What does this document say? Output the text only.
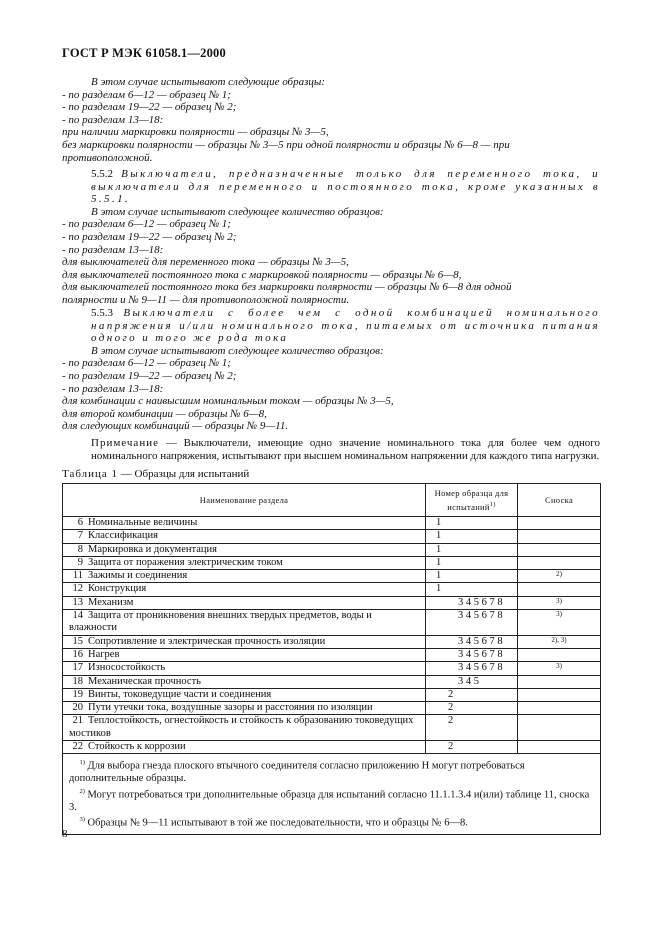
ГОСТ Р МЭК 61058.1—2000

В этом случае испытывают следующие образцы:

- по разделам 6—12 — образец № 1;

- по разделам 19—22 — образец № 2;

- по разделам 13—18:

при наличии маркировки полярности — образцы № 3—5,

без маркировки полярности — образцы № 3—5 при одной полярности и образцы № 6—8 — при

противоположной.

5.5.2 Выключатели, предназначенные только для переменного тока, и выключатели для переменного и постоянного тока, кроме указанных в 5.5.1.

В этом случае испытывают следующее количество образцов:

- по разделам 6—12 — образец № 1;

- по разделам 19—22 — образец № 2;

- по разделам 13—18:

для выключателей для переменного тока — образцы № 3—5,

для выключателей постоянного тока с маркировкой полярности — образцы № 6—8,

для выключателей постоянного тока без маркировки полярности — образцы № 6—8 для одной

полярности и № 9—11 — для противоположной полярности.

5.5.3 Выключатели с более чем с одной комбинацией номинального напряжения и/или номинального тока, питаемых от источника питания одного и того же рода тока

В этом случае испытывают следующее количество образцов:

- по разделам 6—12 — образец № 1;

- по разделам 19—22 — образец № 2;

- по разделам 13—18:

для комбинации с наивысшим номинальным током — образцы № 3—5,

для второй комбинации — образцы № 6—8,

для следующих комбинаций — образцы № 9—11.

Примечание — Выключатели, имеющие одно значение номинального тока для более чем одного номинального напряжения, испытывают при высшем номинальном напряжении для каждого типа нагрузки.

Таблица 1 — Образцы для испытаний
Наименование раздела	Номер образца для испытаний$^{1)}$	Сноска
6 Номинальные величины	1	
7 Классификация	1	
8 Маркировка и документация	1	
9 Защита от поражения электрическим током	1	
11 Зажимы и соединения	1	2)
12 Конструкция	1	
13 Механизм	3 4 5 6 7 8	3)
14 Защита от проникновения внешних твердых предметов, воды и влажности	3 4 5 6 7 8	3)
15 Сопротивление и электрическая прочность изоляции	3 4 5 6 7 8	2), 3)
16 Нагрев	3 4 5 6 7 8	
17 Износостойкость	3 4 5 6 7 8	3)
18 Механическая прочность	3 4 5	
19 Винты, токоведущие части и соединения	2	
20 Пути утечки тока, воздушные зазоры и расстояния по изоляции	2	
21 Теплостойкость, огнестойкость и стойкость к образованию токоведущих мостиков	2	
22 Стойкость к коррозии	2	

$^{1)}$ Для выбора гнезда плоского втычного соединителя согласно приложению Н могут потребоваться дополнительные образцы.

$^{2)}$ Могут потребоваться три дополнительные образца для испытаний согласно 11.1.1.3.4 и(или) таблице 11, сноска 3.

$^{3)}$ Образцы № 9—11 испытывают в той же последовательности, что и образцы № 6—8.		

8
